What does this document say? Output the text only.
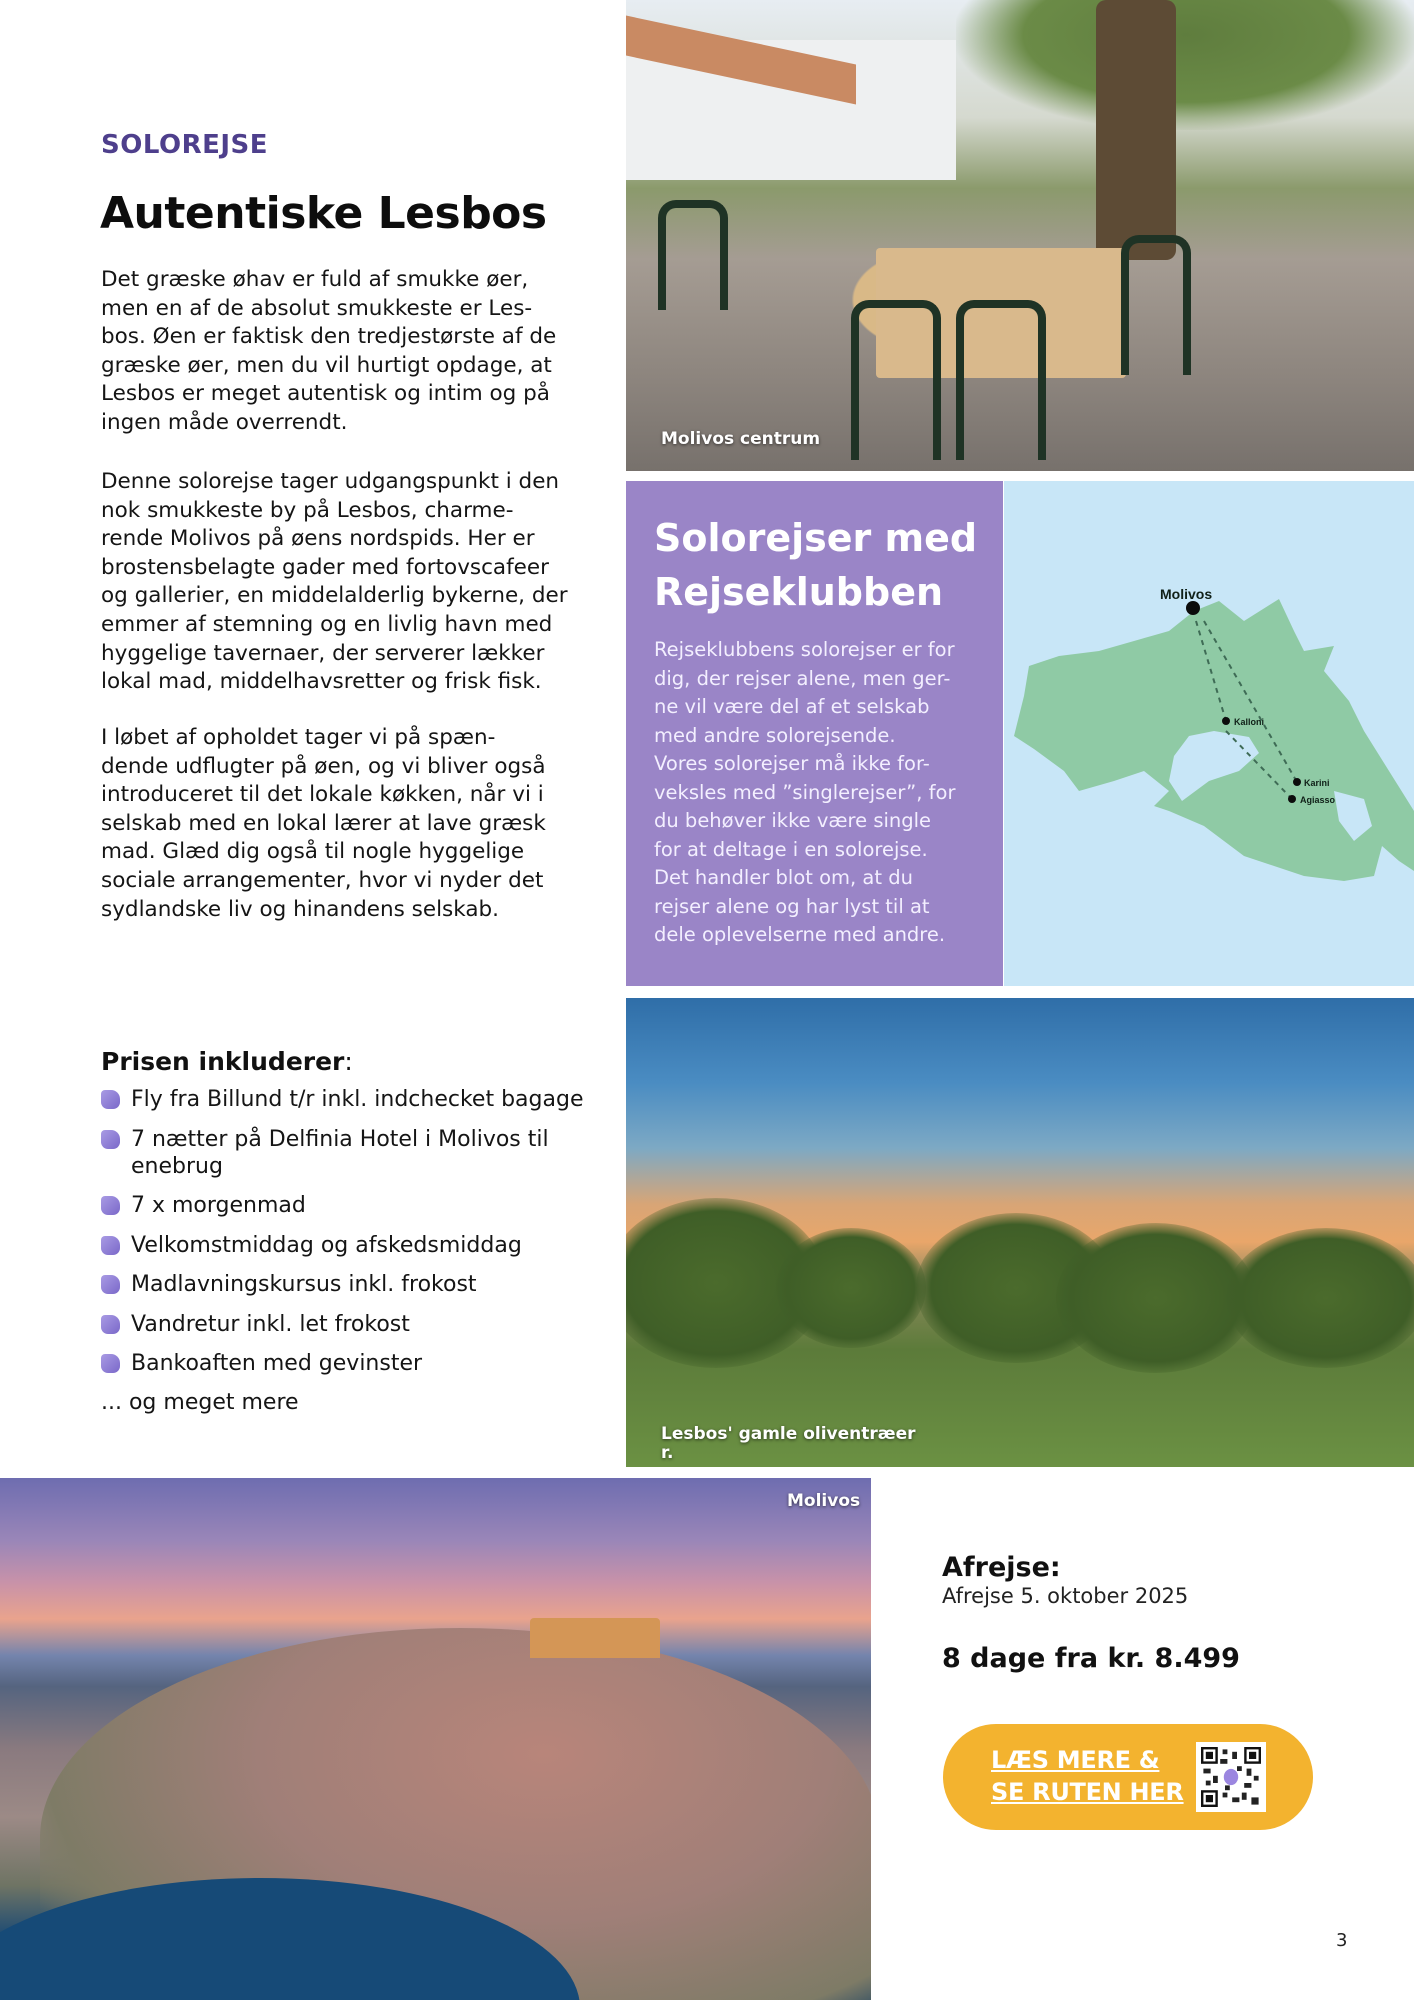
SOLOREJSE
Autentiske Lesbos

Det græske øhav er fuld af smukke øer,
men en af de absolut smukkeste er Les-
bos. Øen er faktisk den tredjestørste af de
græske øer, men du vil hurtigt opdage, at
Lesbos er meget autentisk og intim og på
ingen måde overrendt.

Denne solorejse tager udgangspunkt i den
nok smukkeste by på Lesbos, charme-
rende Molivos på øens nordspids. Her er
brostensbelagte gader med fortovscafeer
og gallerier, en middelalderlig bykerne, der
emmer af stemning og en livlig havn med
hyggelige tavernaer, der serverer lækker
lokal mad, middelhavsretter og frisk fisk.

I løbet af opholdet tager vi på spæn-
dende udflugter på øen, og vi bliver også
introduceret til det lokale køkken, når vi i
selskab med en lokal lærer at lave græsk
mad. Glæd dig også til nogle hyggelige
sociale arrangementer, hvor vi nyder det
sydlandske liv og hinandens selskab.

Prisen inkluderer:
Fly fra Billund t/r inkl. indchecket bagage
7 nætter på Delfinia Hotel i Molivos til
enebrug
7 x morgenmad
Velkomstmiddag og afskedsmiddag
Madlavningskursus inkl. frokost
Vandretur inkl. let frokost
Bankoaften med gevinster
... og meget mere
Molivos centrum
Solorejser med
Rejseklubben
Rejseklubbens solorejser er for
dig, der rejser alene, men ger-
ne vil være del af et selskab
med andre solorejsende.
Vores solorejser må ikke for-
veksles med ”singlerejser”, for
du behøver ikke være single
for at deltage i en solorejse.
Det handler blot om, at du
rejser alene og har lyst til at
dele oplevelserne med andre.
Molivos
Kalloni
Karini
Agiasso
Lesbos' gamle oliventræer
r.
Molivos
Afrejse:
Afrejse 5. oktober 2025
8 dage fra kr. 8.499
LÆS MERE &
SE RUTEN HER
3
